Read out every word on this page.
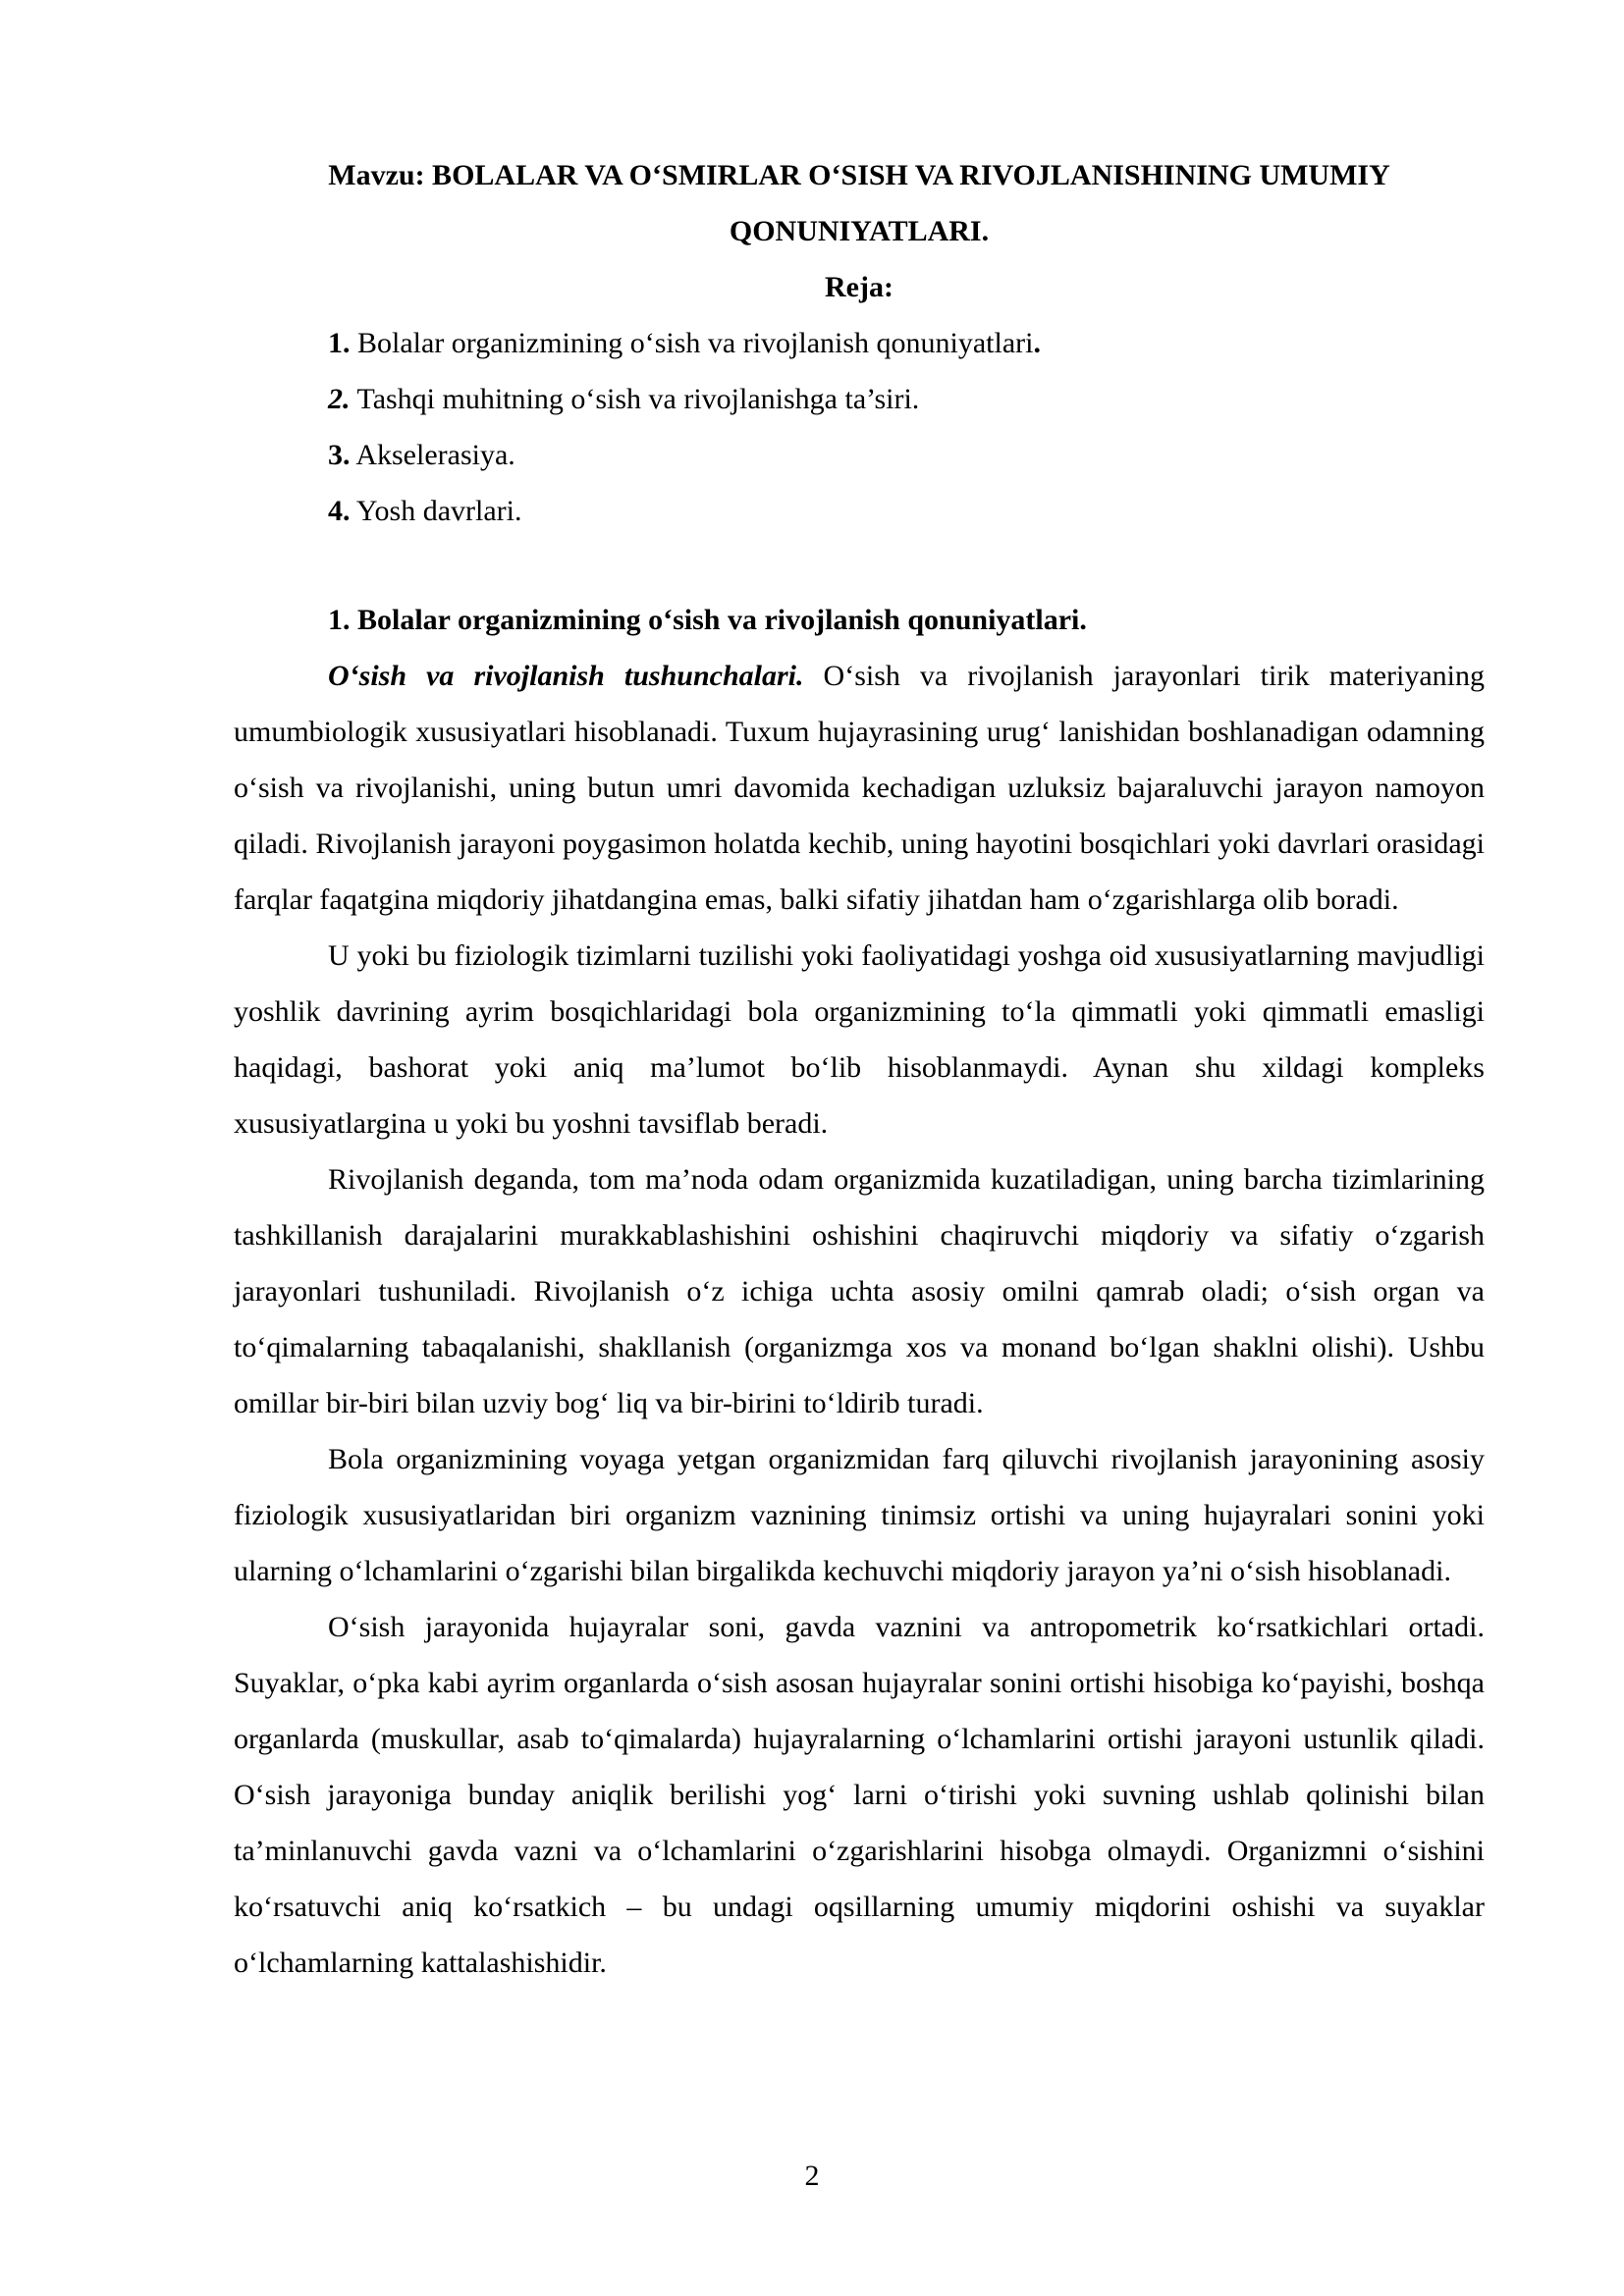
Mavzu: BOLALAR VA O‘SMIRLAR O‘SISH VA RIVOJLANISHINING UMUMIY QONUNIYATLARI.

Reja:

1. Bolalar organizmining o‘sish va rivojlanish qonuniyatlari.
2. Tashqi muhitning o‘sish va rivojlanishga ta’siri.
3. Akselerasiya.
4. Yosh davrlari.

1. Bolalar organizmining o‘sish va rivojlanish qonuniyatlari.

O‘sish va rivojlanish tushunchalari. O‘sish va rivojlanish jarayonlari tirik materiyaning umumbiologik xususiyatlari hisoblanadi. Tuxum hujayrasining urug‘ lanishidan boshlanadigan odamning o‘sish va rivojlanishi, uning butun umri davomida kechadigan uzluksiz bajaraluvchi jarayon namoyon qiladi. Rivojlanish jarayoni poygasimon holatda kechib, uning hayotini bosqichlari yoki davrlari orasidagi farqlar faqatgina miqdoriy jihatdangina emas, balki sifatiy jihatdan ham o‘zgarishlarga olib boradi.

U yoki bu fiziologik tizimlarni tuzilishi yoki faoliyatidagi yoshga oid xususiyatlarning mavjudligi yoshlik davrining ayrim bosqichlaridagi bola organizmining to‘la qimmatli yoki qimmatli emasligi haqidagi, bashorat yoki aniq ma’lumot bo‘lib hisoblanmaydi. Aynan shu xildagi kompleks xususiyatlargina u yoki bu yoshni tavsiflab beradi.

Rivojlanish deganda, tom ma’noda odam organizmida kuzatiladigan, uning barcha tizimlarining tashkillanish darajalarini murakkablashishini oshishini chaqiruvchi miqdoriy va sifatiy o‘zgarish jarayonlari tushuniladi. Rivojlanish o‘z ichiga uchta asosiy omilni qamrab oladi; o‘sish organ va to‘qimalarning tabaqalanishi, shakllanish (organizmga xos va monand bo‘lgan shaklni olishi). Ushbu omillar bir-biri bilan uzviy bog‘ liq va bir-birini to‘ldirib turadi.

Bola organizmining voyaga yetgan organizmidan farq qiluvchi rivojlanish jarayonining asosiy fiziologik xususiyatlaridan biri organizm vaznining tinimsiz ortishi va uning hujayralari sonini yoki ularning o‘lchamlarini o‘zgarishi bilan birgalikda kechuvchi miqdoriy jarayon ya’ni o‘sish hisoblanadi.

O‘sish jarayonida hujayralar soni, gavda vaznini va antropometrik ko‘rsatkichlari ortadi. Suyaklar, o‘pka kabi ayrim organlarda o‘sish asosan hujayralar sonini ortishi hisobiga ko‘payishi, boshqa organlarda (muskullar, asab to‘qimalarda) hujayralarning o‘lchamlarini ortishi jarayoni ustunlik qiladi. O‘sish jarayoniga bunday aniqlik berilishi yog‘ larni o‘tirishi yoki suvning ushlab qolinishi bilan ta’minlanuvchi gavda vazni va o‘lchamlarini o‘zgarishlarini hisobga olmaydi. Organizmni o‘sishini ko‘rsatuvchi aniq ko‘rsatkich – bu undagi oqsillarning umumiy miqdorini oshishi va suyaklar o‘lchamlarning kattalashishidir.

2
